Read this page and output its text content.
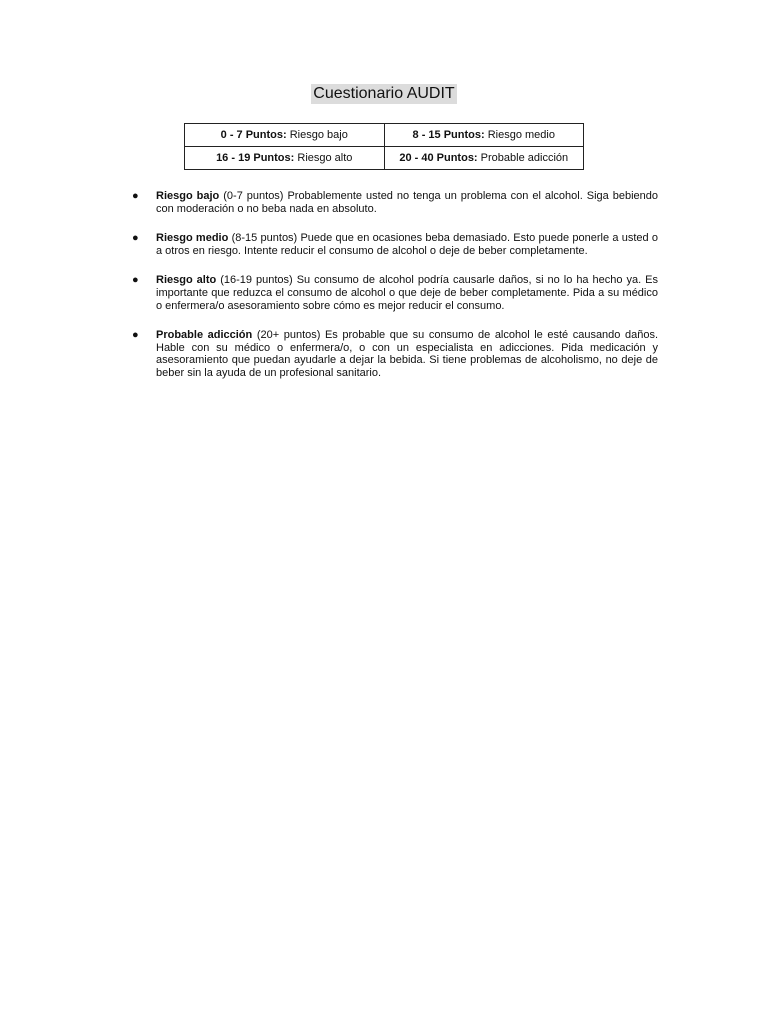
Cuestionario AUDIT
0 - 7 Puntos: Riesgo bajo	8 - 15 Puntos: Riesgo medio
16 - 19 Puntos: Riesgo alto	20 - 40 Puntos: Probable adicción
● Riesgo bajo (0-7 puntos) Probablemente usted no tenga un problema con el alcohol. Siga bebiendo con moderación o no beba nada en absoluto.
● Riesgo medio (8-15 puntos) Puede que en ocasiones beba demasiado. Esto puede ponerle a usted o a otros en riesgo. Intente reducir el consumo de alcohol o deje de beber completamente.
● Riesgo alto (16-19 puntos) Su consumo de alcohol podría causarle daños, si no lo ha hecho ya. Es importante que reduzca el consumo de alcohol o que deje de beber completamente. Pida a su médico o enfermera/o asesoramiento sobre cómo es mejor reducir el consumo.
● Probable adicción (20+ puntos) Es probable que su consumo de alcohol le esté causando daños. Hable con su médico o enfermera/o, o con un especialista en adicciones. Pida medicación y asesoramiento que puedan ayudarle a dejar la bebida. Si tiene problemas de alcoholismo, no deje de beber sin la ayuda de un profesional sanitario.
